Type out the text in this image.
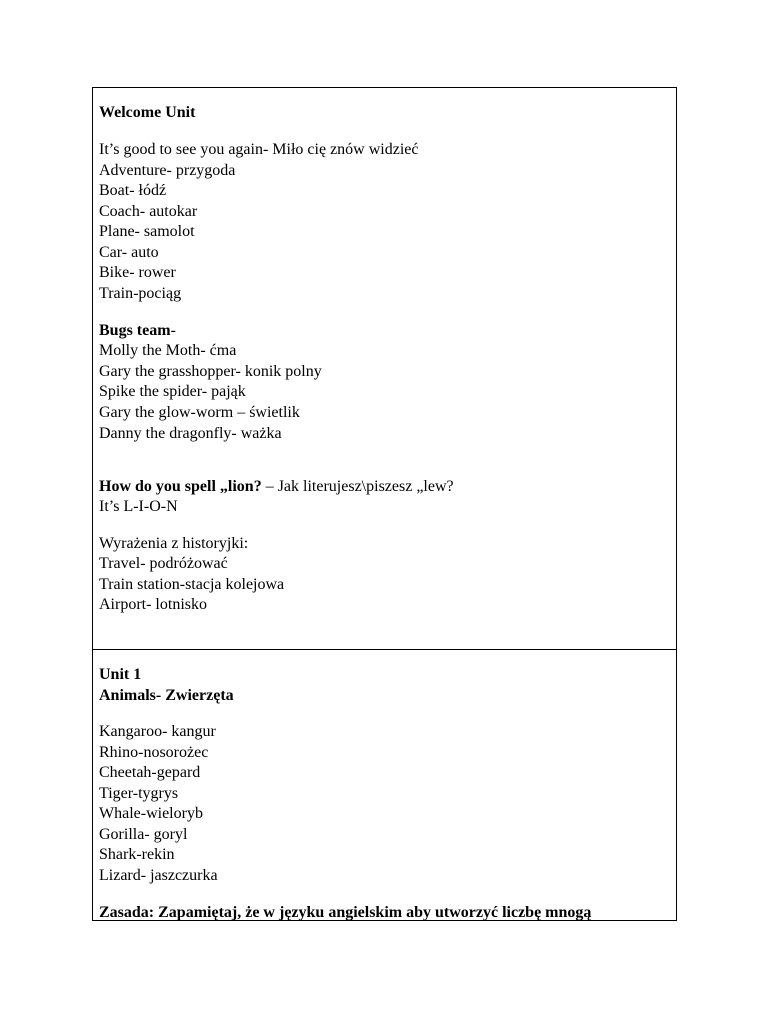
Welcome Unit
It’s good to see you again- Miło cię znów widzieć
Adventure- przygoda
Boat- łódź
Coach- autokar
Plane- samolot
Car- auto
Bike- rower
Train-pociąg
Bugs team-
Molly the Moth- ćma
Gary the grasshopper- konik polny
Spike the spider- pająk
Gary the glow-worm – świetlik
Danny the dragonfly- ważka
How do you spell „lion? – Jak literujesz\piszesz „lew?
It’s L-I-O-N
Wyrażenia z historyjki:
Travel- podróżować
Train station-stacja kolejowa
Airport- lotnisko
Unit 1
Animals- Zwierzęta
Kangaroo- kangur
Rhino-nosorożec
Cheetah-gepard
Tiger-tygrys
Whale-wieloryb
Gorilla- goryl
Shark-rekin
Lizard- jaszczurka
Zasada: Zapamiętaj, że w języku angielskim aby utworzyć liczbę mnogą
